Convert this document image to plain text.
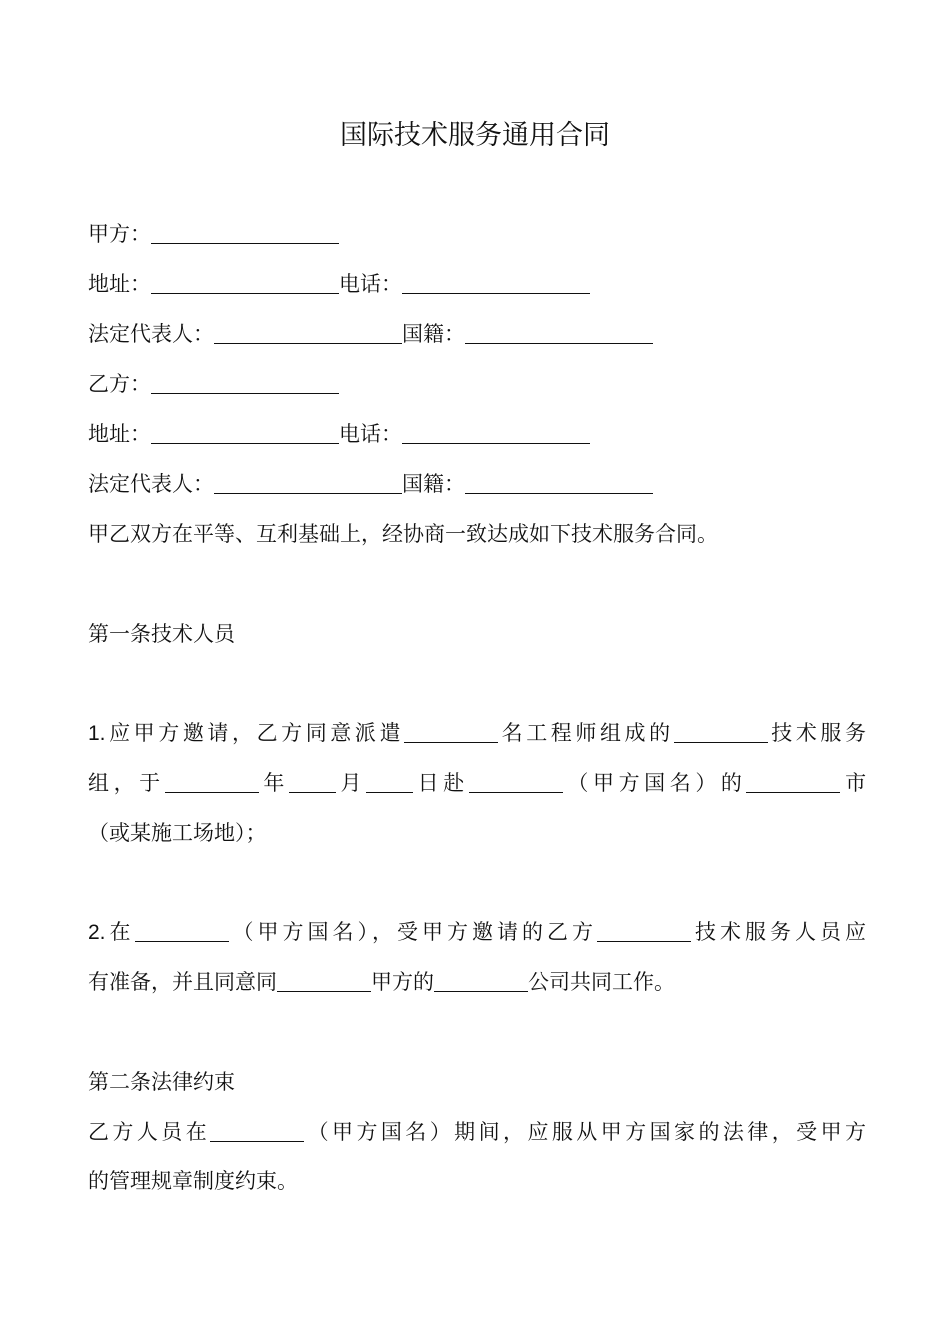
国际技术服务通用合同
甲方：
地址：	电话：
法定代表人：	国籍：
乙方：
地址：	电话：
法定代表人：	国籍：
甲乙双方在平等、互利基础上，经协商一致达成如下技术服务合同。
第一条技术人员
1.应甲方邀请，乙方同意派遣	名工程师组成的	技术服务
组，于	年 月 日赴	（甲方国名）的	市
（或某施工场地）；
2.在	（甲方国名），受甲方邀请的乙方	技术服务人员应
有准备，并且同意同	甲方的	公司共同工作。
第二条法律约束
乙方人员在	（甲方国名）期间，应服从甲方国家的法律，受甲方
的管理规章制度约束。
